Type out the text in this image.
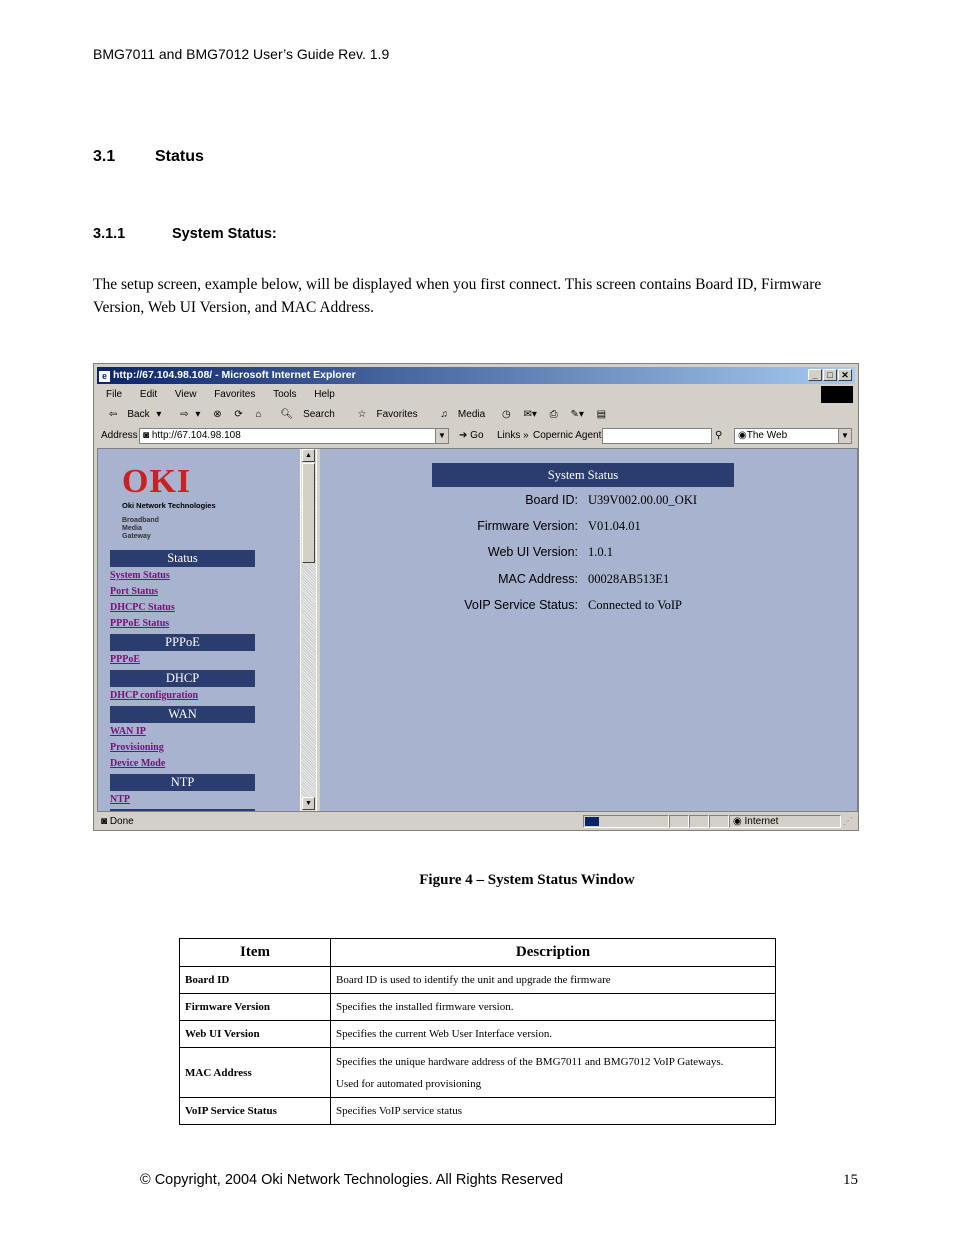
BMG7011 and BMG7012 User’s Guide Rev. 1.9
3.1 Status
3.1.1	System Status:
The setup screen, example below, will be displayed when you first connect. This screen contains Board ID, Firmware Version, Web UI Version, and MAC Address.
e http://67.104.98.108/ - Microsoft Internet Explorer	_	□ ✕
File Edit View Favorites Tools Help
⇦ Back ▾ ⇨ ▾ ⊗ ⟳ ⌂ 🔍︎ Search ☆ Favorites ♫ Media ◷ ✉▾ ⎙ ✎▾ ▤
Address ◙ http://67.104.98.108	▼	➔ Go Links » Copernic Agent	⚲	◉The Web	▼
OKI
Oki Network Technologies
Broadband
Media
Gateway
Status
System Status
Port Status
DHCPC Status
PPPoE Status
PPPoE
PPPoE
DHCP
DHCP configuration
WAN
WAN IP
Provisioning
Device Mode
NTP
NTP
▲
▼
System Status
Board ID: U39V002.00.00_OKI
Firmware Version: V01.04.01
Web UI Version: 1.0.1
MAC Address: 00028AB513E1
VoIP Service Status: Connected to VoIP
◙ Done	◉ Internet	⋰
Figure 4 – System Status Window
Item	Description
Board ID	Board ID is used to identify the unit and upgrade the firmware
Firmware Version	Specifies the installed firmware version.
Web UI Version	Specifies the current Web User Interface version.
MAC Address	Specifies the unique hardware address of the BMG7011 and BMG7012 VoIP Gateways.
Used for automated provisioning

VoIP Service Status	Specifies VoIP service status
© Copyright, 2004 Oki Network Technologies. All Rights Reserved	15
